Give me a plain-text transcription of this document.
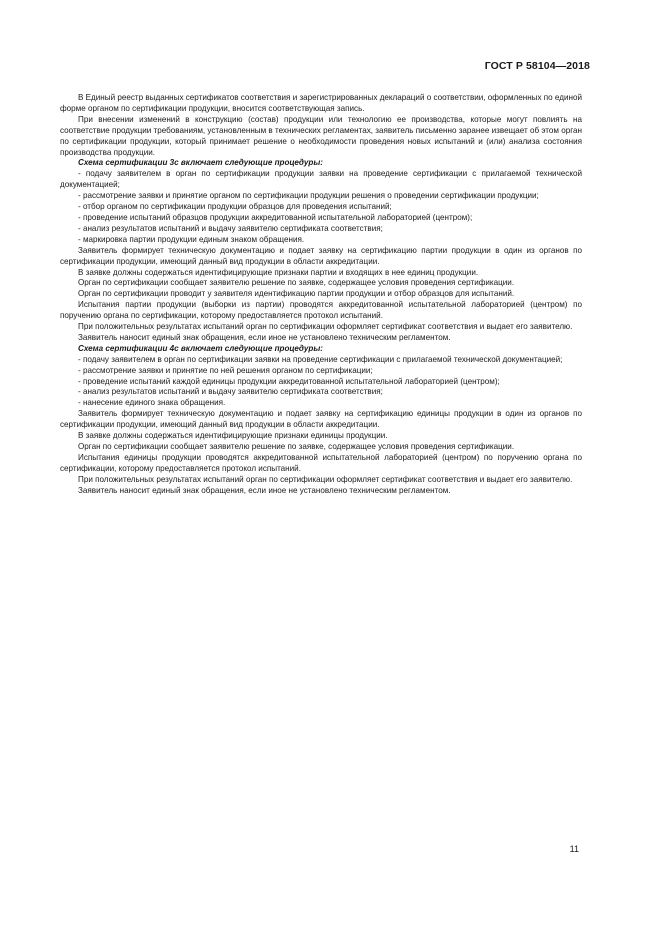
ГОСТ Р 58104—2018

В Единый реестр выданных сертификатов соответствия и зарегистрированных деклараций о соответствии, оформленных по единой форме органом по сертификации продукции, вносится соответствующая запись.

При внесении изменений в конструкцию (состав) продукции или технологию ее производства, которые могут повлиять на соответствие продукции требованиям, установленным в технических регламентах, заявитель письменно заранее извещает об этом орган по сертификации продукции, который принимает решение о необходимости проведения новых испытаний и (или) анализа состояния производства продукции.

Схема сертификации 3с включает следующие процедуры:

- подачу заявителем в орган по сертификации продукции заявки на проведение сертификации с прилагаемой технической документацией;

- рассмотрение заявки и принятие органом по сертификации продукции решения о проведении сертификации продукции;

- отбор органом по сертификации продукции образцов для проведения испытаний;

- проведение испытаний образцов продукции аккредитованной испытательной лабораторией (центром);

- анализ результатов испытаний и выдачу заявителю сертификата соответствия;

- маркировка партии продукции единым знаком обращения.

Заявитель формирует техническую документацию и подает заявку на сертификацию партии продукции в один из органов по сертификации продукции, имеющий данный вид продукции в области аккредитации.

В заявке должны содержаться идентифицирующие признаки партии и входящих в нее единиц продукции.

Орган по сертификации сообщает заявителю решение по заявке, содержащее условия проведения сертификации.

Орган по сертификации проводит у заявителя идентификацию партии продукции и отбор образцов для испытаний.

Испытания партии продукции (выборки из партии) проводятся аккредитованной испытательной лабораторией (центром) по поручению органа по сертификации, которому предоставляется протокол испытаний.

При положительных результатах испытаний орган по сертификации оформляет сертификат соответствия и выдает его заявителю.

Заявитель наносит единый знак обращения, если иное не установлено техническим регламентом.

Схема сертификации 4с включает следующие процедуры:

- подачу заявителем в орган по сертификации заявки на проведение сертификации с прилагаемой технической документацией;

- рассмотрение заявки и принятие по ней решения органом по сертификации;

- проведение испытаний каждой единицы продукции аккредитованной испытательной лабораторией (центром);

- анализ результатов испытаний и выдачу заявителю сертификата соответствия;

- нанесение единого знака обращения.

Заявитель формирует техническую документацию и подает заявку на сертификацию единицы продукции в один из органов по сертификации продукции, имеющий данный вид продукции в области аккредитации.

В заявке должны содержаться идентифицирующие признаки единицы продукции.

Орган по сертификации сообщает заявителю решение по заявке, содержащее условия проведения сертификации.

Испытания единицы продукции проводятся аккредитованной испытательной лабораторией (центром) по поручению органа по сертификации, которому предоставляется протокол испытаний.

При положительных результатах испытаний орган по сертификации оформляет сертификат соответствия и выдает его заявителю.

Заявитель наносит единый знак обращения, если иное не установлено техническим регламентом.

11
